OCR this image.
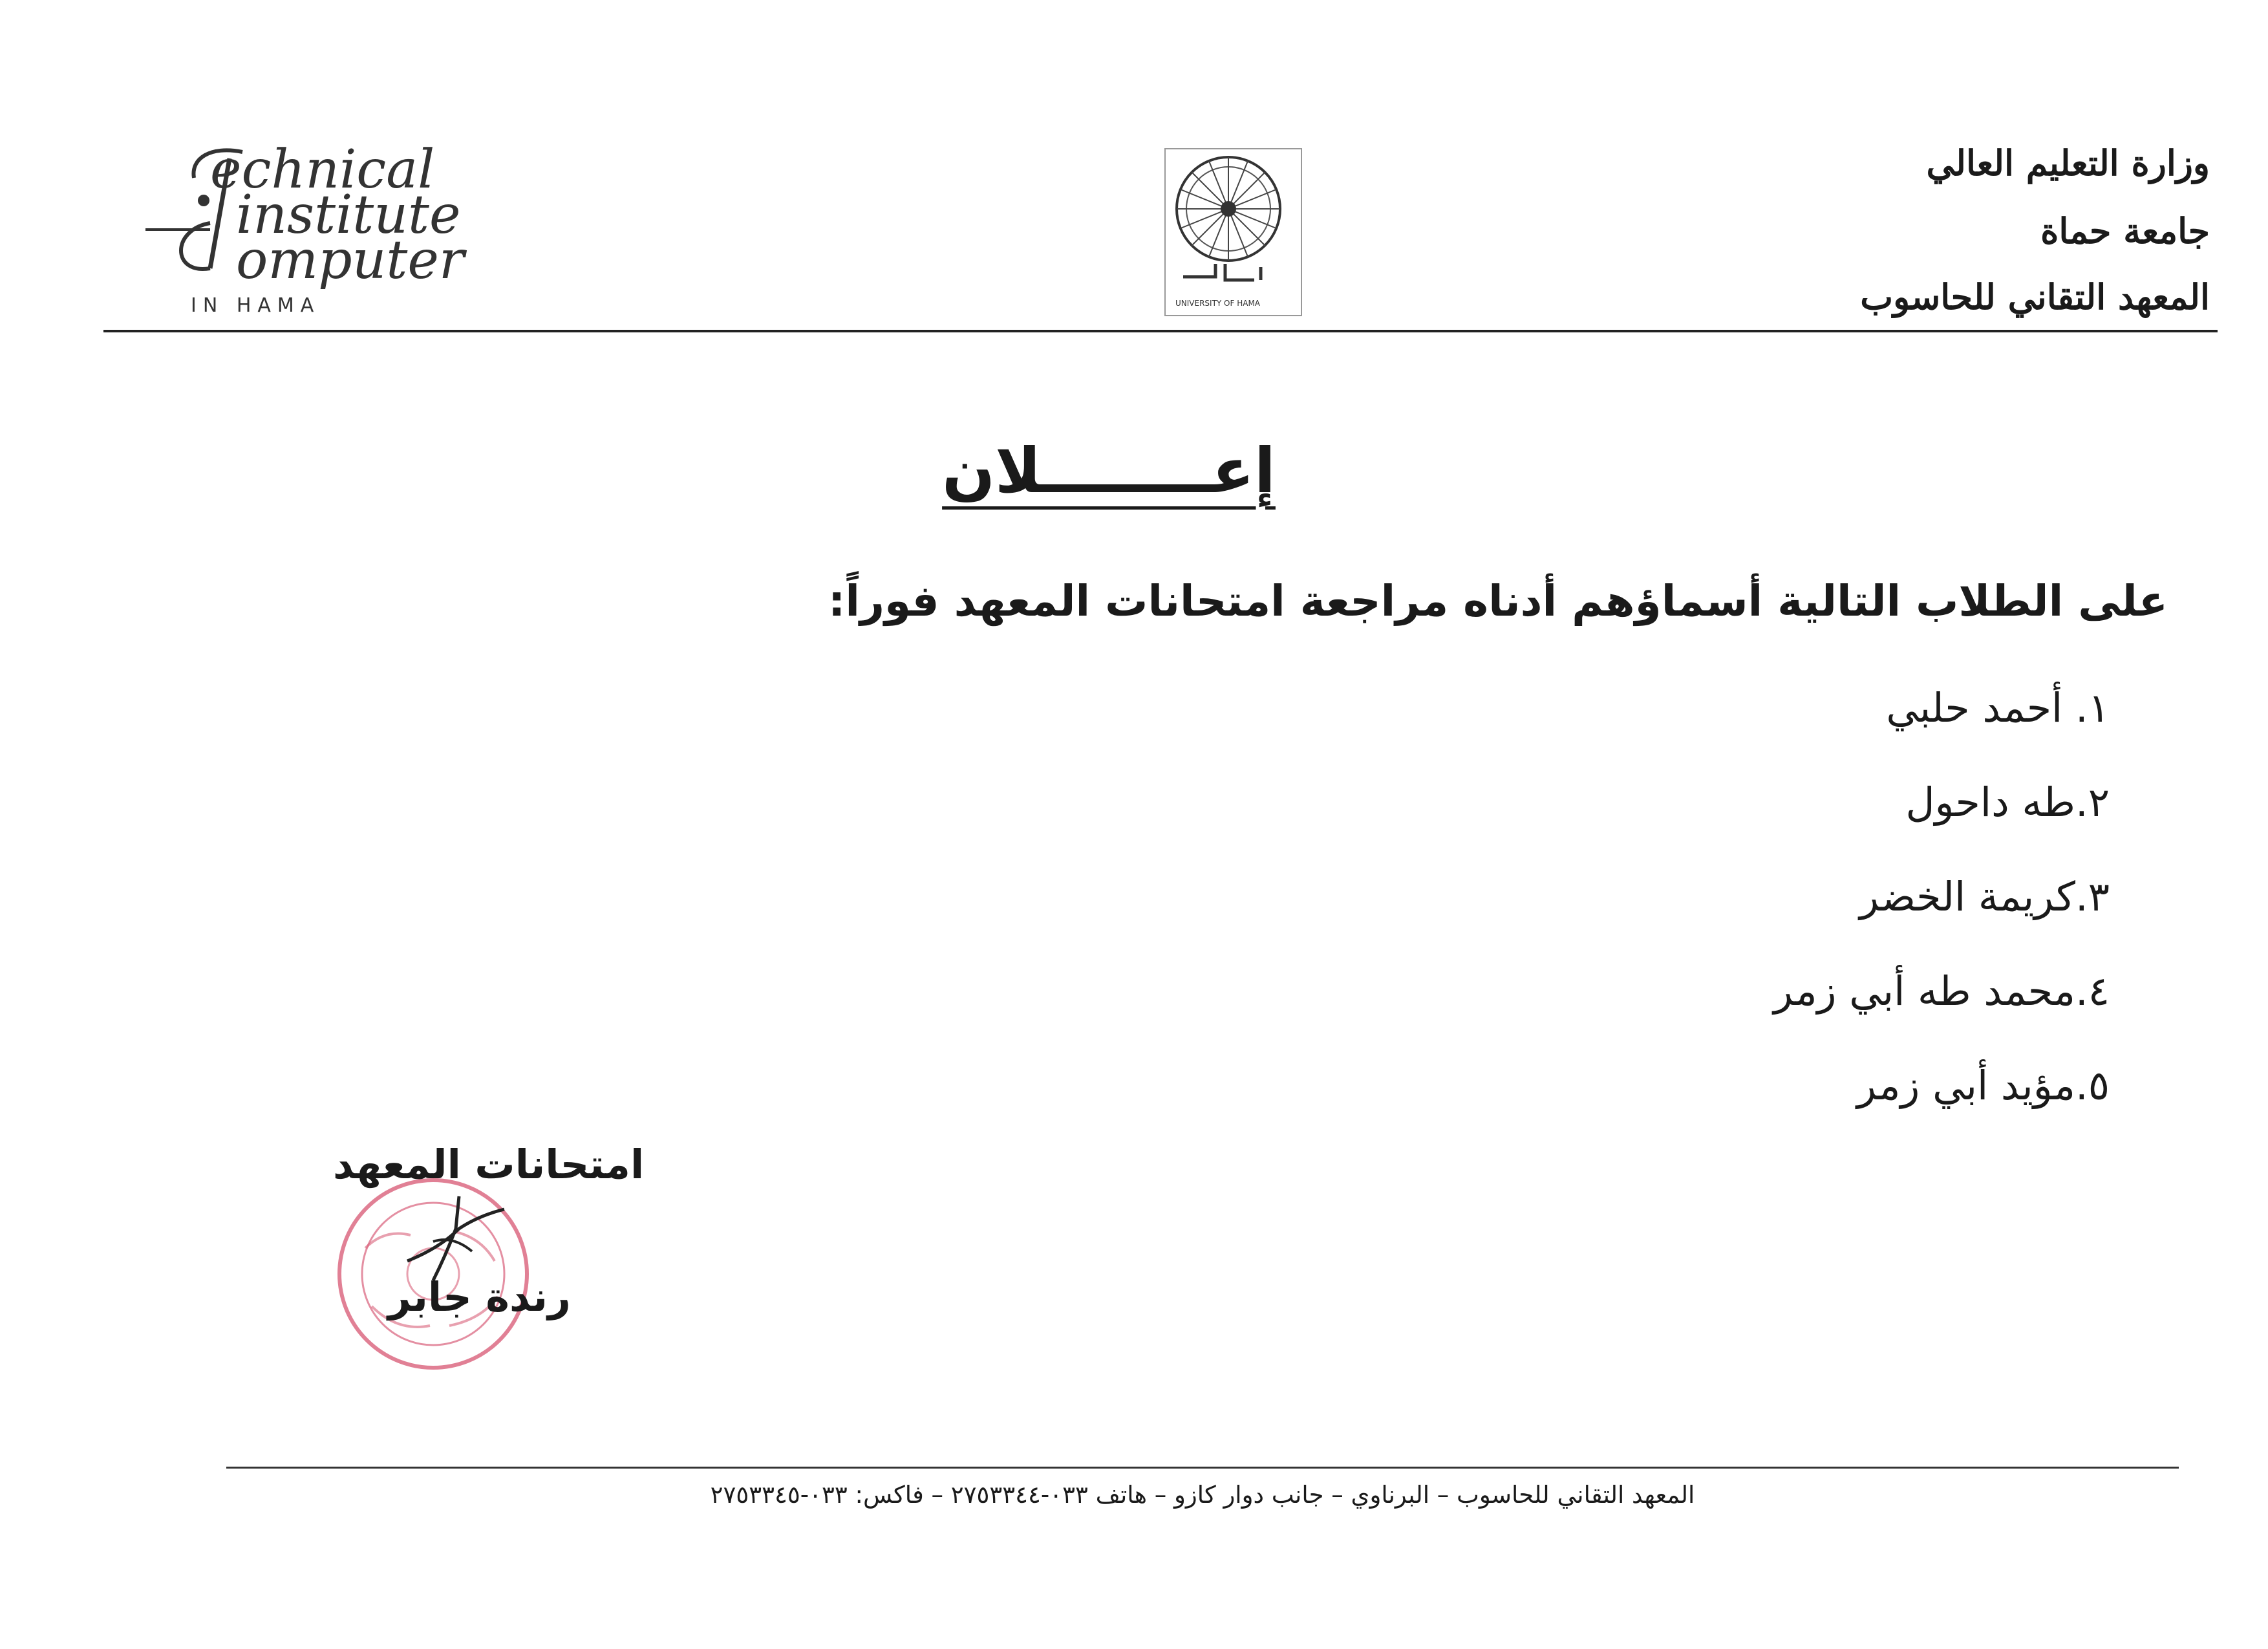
echnical
institute
omputer
IN HAMA	UNIVERSITY OF HAMA
وزارة التعليم العالي
جامعة حماة
المعهد التقاني للحاسوب
إعــــــــلان
على الطلاب التالية أسماؤهم أدناه مراجعة امتحانات المعهد فوراً:
١. أحمد حلبي
٢.طه داحول
٣.كريمة الخضر
٤.محمد طه أبي زمر
٥.مؤيد أبي زمر
امتحانات المعهد
رندة جابر
المعهد التقاني للحاسوب – البرناوي – جانب دوار كازو – هاتف ٠٣٣-٢٧٥٣٣٤٤ – فاكس: ٠٣٣-٢٧٥٣٣٤٥
